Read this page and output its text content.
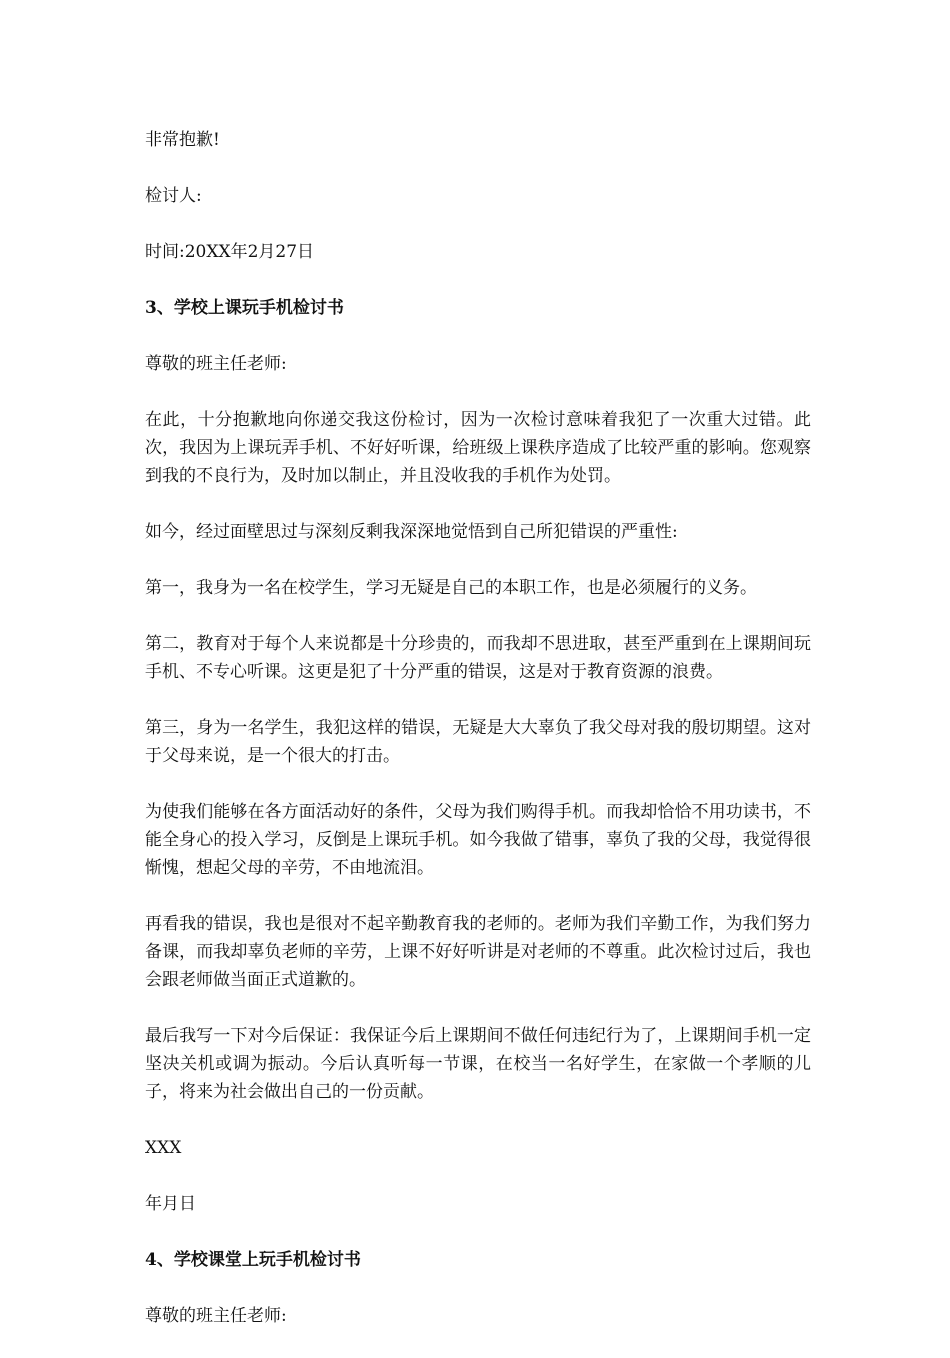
非常抱歉!

检讨人:

时间:20XX年2月27日

3、学校上课玩手机检讨书

尊敬的班主任老师:

在此，十分抱歉地向你递交我这份检讨，因为一次检讨意味着我犯了一次重大过错。此次，我因为上课玩弄手机、不好好听课，给班级上课秩序造成了比较严重的影响。您观察到我的不良行为，及时加以制止，并且没收我的手机作为处罚。

如今，经过面壁思过与深刻反剩我深深地觉悟到自己所犯错误的严重性:

第一，我身为一名在校学生，学习无疑是自己的本职工作，也是必须履行的义务。

第二，教育对于每个人来说都是十分珍贵的，而我却不思进取，甚至严重到在上课期间玩手机、不专心听课。这更是犯了十分严重的错误，这是对于教育资源的浪费。

第三，身为一名学生，我犯这样的错误，无疑是大大辜负了我父母对我的殷切期望。这对于父母来说，是一个很大的打击。

为使我们能够在各方面活动好的条件，父母为我们购得手机。而我却恰恰不用功读书，不能全身心的投入学习，反倒是上课玩手机。如今我做了错事，辜负了我的父母，我觉得很惭愧，想起父母的辛劳，不由地流泪。

再看我的错误，我也是很对不起辛勤教育我的老师的。老师为我们辛勤工作，为我们努力备课，而我却辜负老师的辛劳，上课不好好听讲是对老师的不尊重。此次检讨过后，我也会跟老师做当面正式道歉的。

最后我写一下对今后保证：我保证今后上课期间不做任何违纪行为了，上课期间手机一定坚决关机或调为振动。今后认真听每一节课，在校当一名好学生，在家做一个孝顺的儿子，将来为社会做出自己的一份贡献。

XXX

年月日

4、学校课堂上玩手机检讨书

尊敬的班主任老师:
